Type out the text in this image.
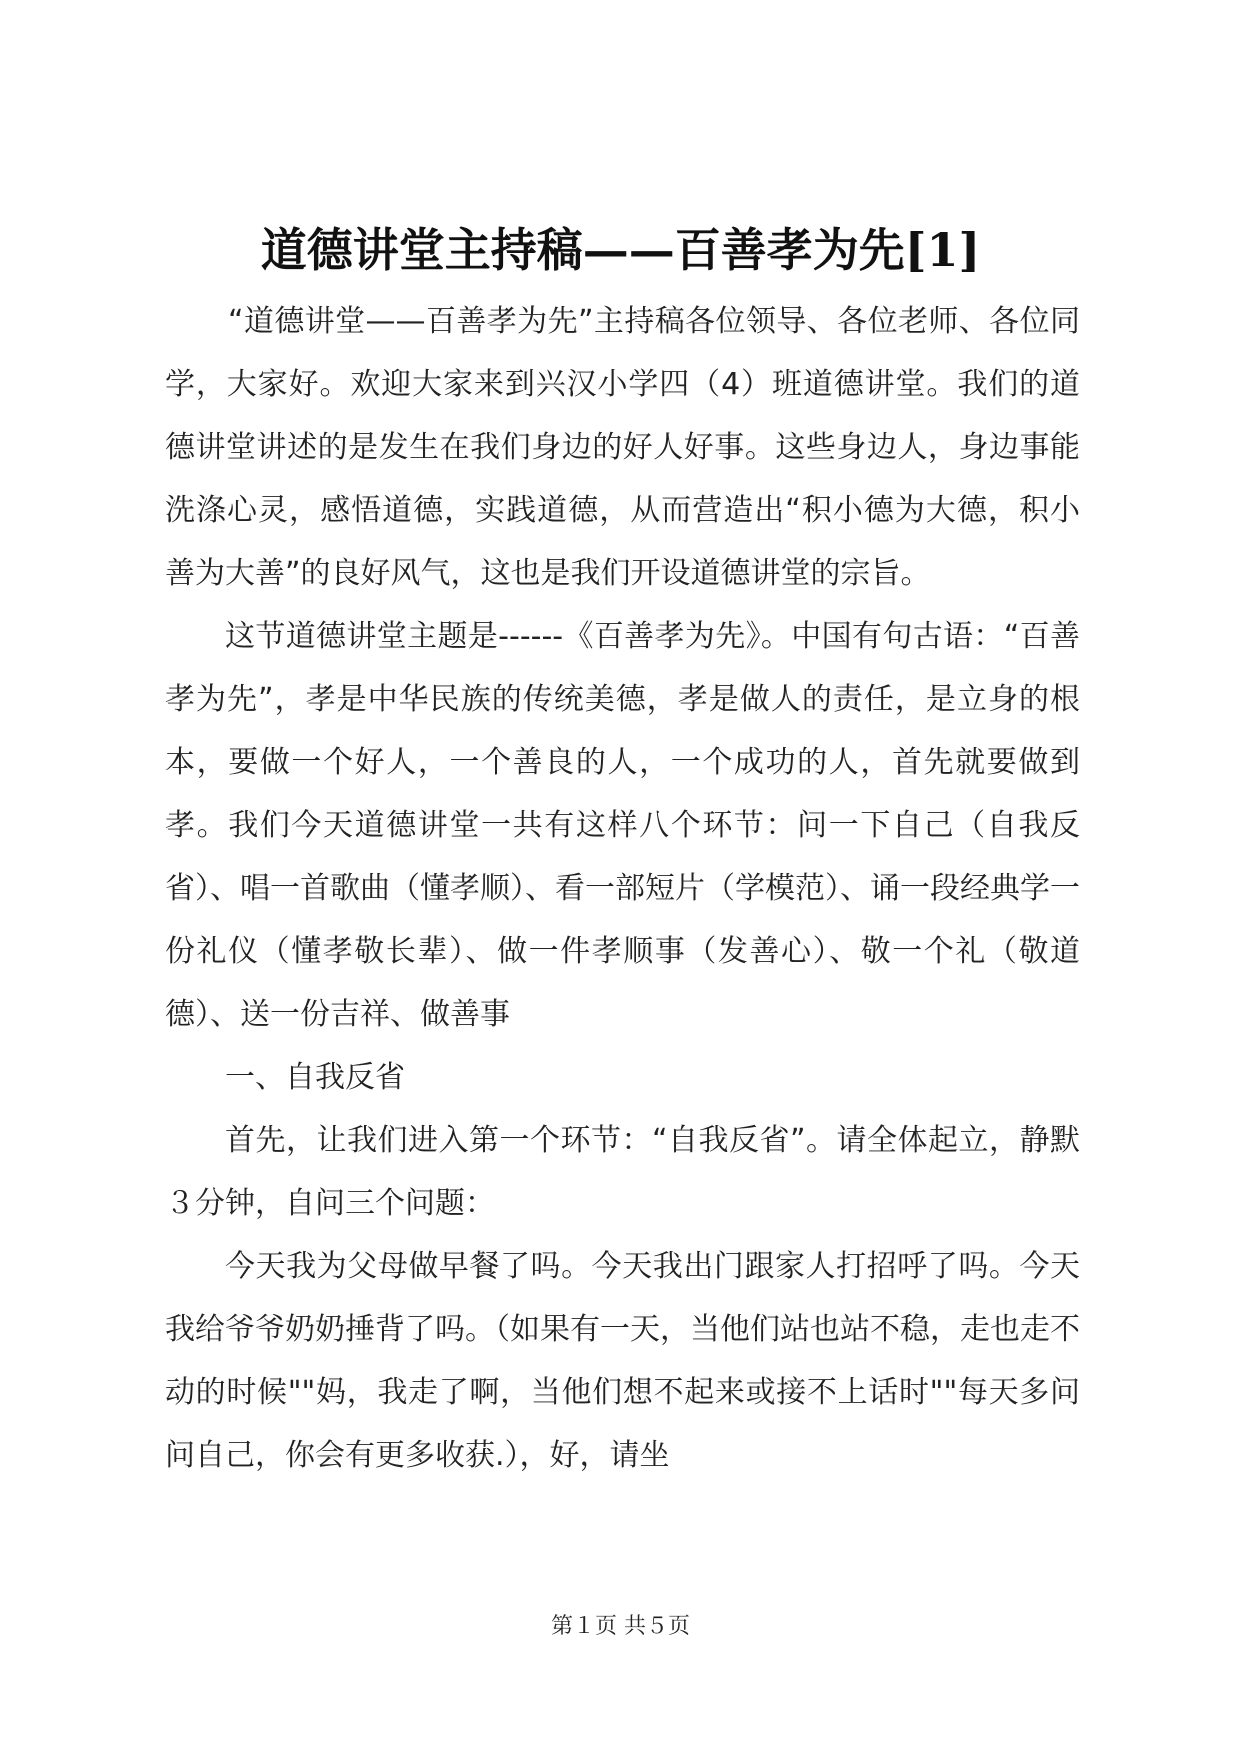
道德讲堂主持稿——百善孝为先[1]

“道德讲堂——百善孝为先”主持稿各位领导、各位老师、各位同学，大家好。欢迎大家来到兴汉小学四（4）班道德讲堂。我们的道德讲堂讲述的是发生在我们身边的好人好事。这些身边人，身边事能洗涤心灵，感悟道德，实践道德，从而营造出“积小德为大德，积小善为大善”的良好风气，这也是我们开设道德讲堂的宗旨。

这节道德讲堂主题是------《百善孝为先》。中国有句古语：“百善孝为先”，孝是中华民族的传统美德，孝是做人的责任，是立身的根本，要做一个好人，一个善良的人，一个成功的人，首先就要做到孝。我们今天道德讲堂一共有这样八个环节：问一下自己（自我反省）、唱一首歌曲（懂孝顺）、看一部短片（学模范）、诵一段经典学一份礼仪（懂孝敬长辈）、做一件孝顺事（发善心）、敬一个礼（敬道德）、送一份吉祥、做善事

一、自我反省

首先，让我们进入第一个环节：“自我反省”。请全体起立，静默３分钟，自问三个问题：

今天我为父母做早餐了吗。今天我出门跟家人打招呼了吗。今天我给爷爷奶奶捶背了吗。（如果有一天，当他们站也站不稳，走也走不动的时候""妈，我走了啊，当他们想不起来或接不上话时""每天多问问自己，你会有更多收获.），好，请坐

第１页 共５页
